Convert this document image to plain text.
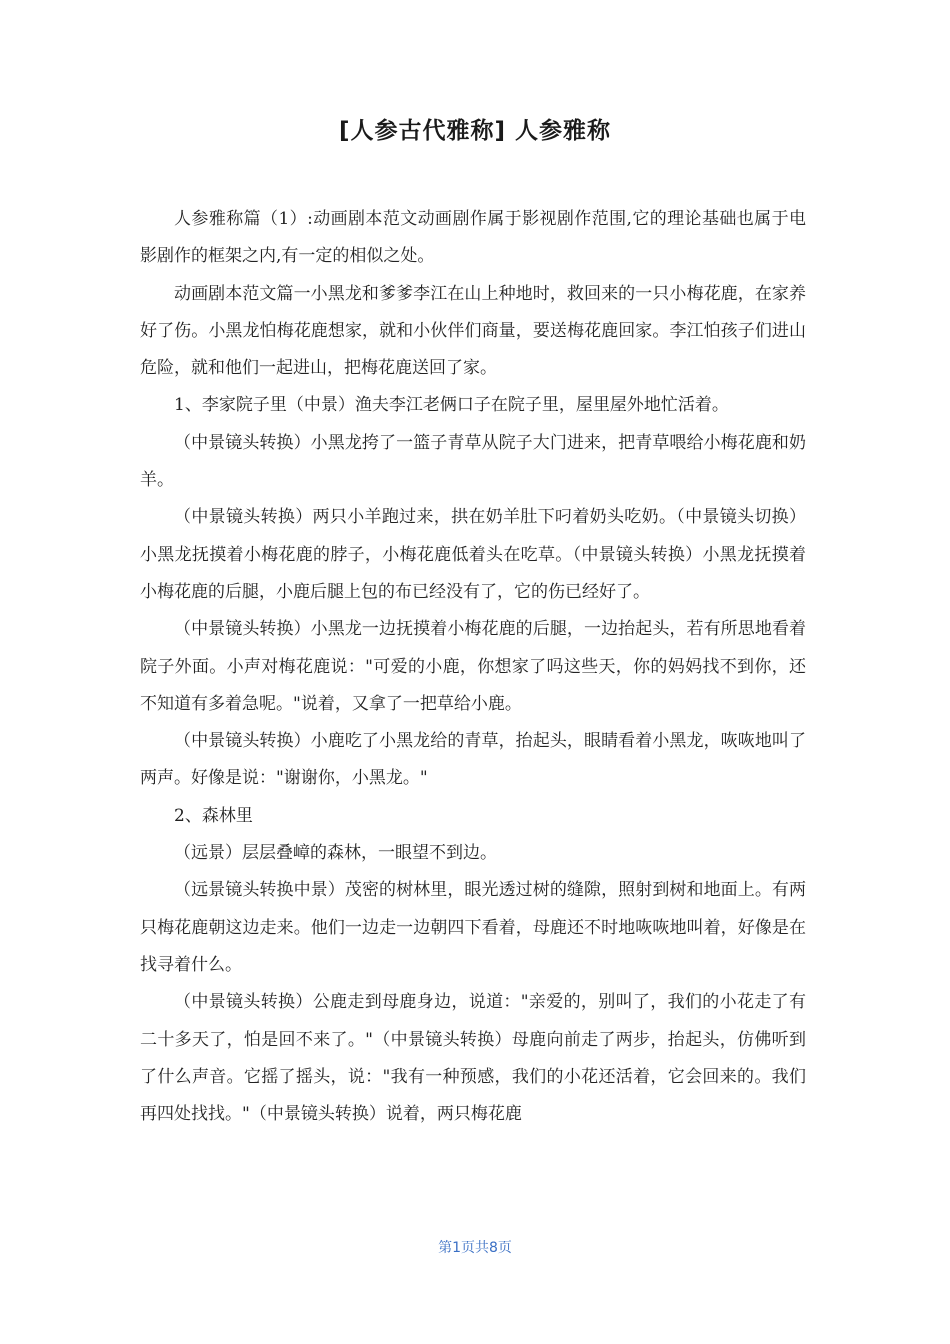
[人参古代雅称] 人参雅称

人参雅称篇（1）:动画剧本范文动画剧作属于影视剧作范围,它的理论基础也属于电影剧作的框架之内,有一定的相似之处。

动画剧本范文篇一小黑龙和爹爹李江在山上种地时，救回来的一只小梅花鹿，在家养好了伤。小黑龙怕梅花鹿想家，就和小伙伴们商量，要送梅花鹿回家。李江怕孩子们进山危险，就和他们一起进山，把梅花鹿送回了家。

1、李家院子里（中景）渔夫李江老俩口子在院子里，屋里屋外地忙活着。

（中景镜头转换）小黑龙挎了一篮子青草从院子大门进来，把青草喂给小梅花鹿和奶羊。

（中景镜头转换）两只小羊跑过来，拱在奶羊肚下叼着奶头吃奶。（中景镜头切换）小黑龙抚摸着小梅花鹿的脖子，小梅花鹿低着头在吃草。（中景镜头转换）小黑龙抚摸着小梅花鹿的后腿，小鹿后腿上包的布已经没有了，它的伤已经好了。

（中景镜头转换）小黑龙一边抚摸着小梅花鹿的后腿，一边抬起头，若有所思地看着院子外面。小声对梅花鹿说："可爱的小鹿，你想家了吗这些天，你的妈妈找不到你，还不知道有多着急呢。"说着，又拿了一把草给小鹿。

（中景镜头转换）小鹿吃了小黑龙给的青草，抬起头，眼睛看着小黑龙，咴咴地叫了两声。好像是说："谢谢你，小黑龙。"

2、森林里

（远景）层层叠嶂的森林，一眼望不到边。

（远景镜头转换中景）茂密的树林里，眼光透过树的缝隙，照射到树和地面上。有两只梅花鹿朝这边走来。他们一边走一边朝四下看着，母鹿还不时地咴咴地叫着，好像是在找寻着什么。

（中景镜头转换）公鹿走到母鹿身边，说道："亲爱的，别叫了，我们的小花走了有二十多天了，怕是回不来了。"（中景镜头转换）母鹿向前走了两步，抬起头，仿佛听到了什么声音。它摇了摇头，说："我有一种预感，我们的小花还活着，它会回来的。我们再四处找找。"（中景镜头转换）说着，两只梅花鹿

第1页共8页
